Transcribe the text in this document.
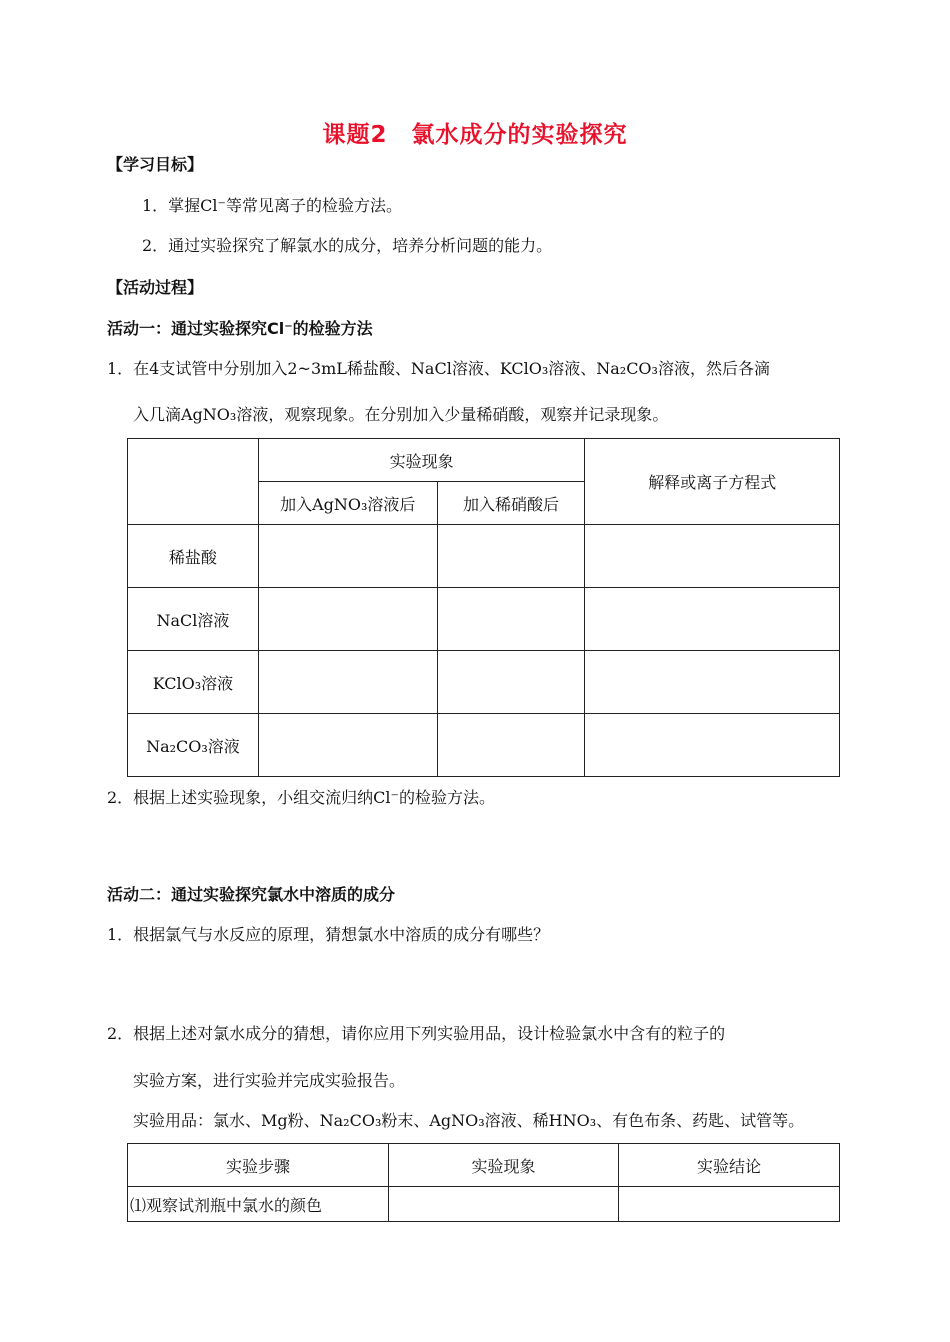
课题2　氯水成分的实验探究
【学习目标】
1．掌握Cl⁻等常见离子的检验方法。
2．通过实验探究了解氯水的成分，培养分析问题的能力。
【活动过程】
活动一：通过实验探究Cl⁻的检验方法
1．在4支试管中分别加入2~3mL稀盐酸、NaCl溶液、KClO₃溶液、Na₂CO₃溶液，然后各滴
入几滴AgNO₃溶液，观察现象。在分别加入少量稀硝酸，观察并记录现象。
	实验现象		解释或离子方程式
	加入AgNO₃溶液后	加入稀硝酸后	
稀盐酸			
NaCl溶液			
KClO₃溶液			
Na₂CO₃溶液			
2．根据上述实验现象，小组交流归纳Cl⁻的检验方法。
活动二：通过实验探究氯水中溶质的成分
1．根据氯气与水反应的原理，猜想氯水中溶质的成分有哪些？
2．根据上述对氯水成分的猜想，请你应用下列实验用品，设计检验氯水中含有的粒子的
实验方案，进行实验并完成实验报告。
实验用品：氯水、Mg粉、Na₂CO₃粉末、AgNO₃溶液、稀HNO₃、有色布条、药匙、试管等。
实验步骤	实验现象	实验结论
⑴观察试剂瓶中氯水的颜色		
